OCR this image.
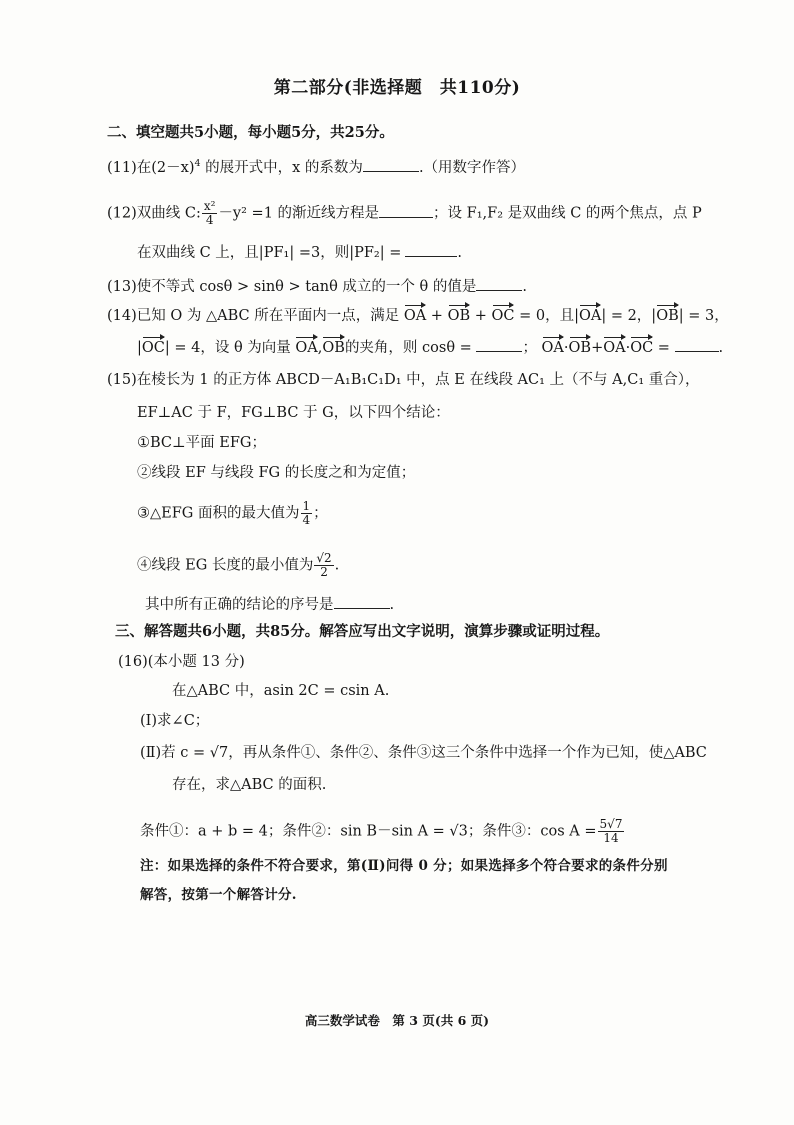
第二部分(非选择题　共110分)
二、填空题共5小题，每小题5分，共25分。
(11)在$(2-x)^4$ 的展开式中，x 的系数为	.（用数字作答）
(12)双曲线 C: $\frac{\text{x²}}{4} -y^2 =1$ 的渐近线方程是	；设 F₁,F₂ 是双曲线 C 的两个焦点，点 P
在双曲线 C 上，且|PF₁| =3，则|PF₂| =	.
(13)使不等式 cosθ > sinθ > tanθ 成立的一个 θ 的值是	.
(14)已知 O 为 △ABC 所在平面内一点，满足 OA + OB + OC = 0，且|OA| = 2，|OB| = 3，
|OC| = 4，设 θ 为向量 OA,OB的夹角，则 cosθ =	； OA·OB+OA·OC =	.
(15)在棱长为 1 的正方体 ABCD－A₁B₁C₁D₁ 中，点 E 在线段 AC₁ 上（不与 A,C₁ 重合），
EF⊥AC 于 F，FG⊥BC 于 G，以下四个结论：
①BC⊥平面 EFG；
②线段 EF 与线段 FG 的长度之和为定值；
③△EFG 面积的最大值为 $\frac{1}{4}$ ；
④线段 EG 长度的最小值为 $\frac{√2}{2}$ .
其中所有正确的结论的序号是	.
三、解答题共6小题，共85分。解答应写出文字说明，演算步骤或证明过程。
(16)(本小题 13 分)
在△ABC 中，asin 2C = csin A.
(Ⅰ)求∠C；
(Ⅱ)若 c = √7，再从条件①、条件②、条件③这三个条件中选择一个作为已知，使△ABC
存在，求△ABC 的面积.
条件①：a + b = 4；条件②：sin B－sin A = √3；条件③：$\cos A = \frac{5√7}{14}$
注：如果选择的条件不符合要求，第(Ⅱ)问得 0 分；如果选择多个符合要求的条件分别
解答，按第一个解答计分.
高三数学试卷　第 3 页(共 6 页)
